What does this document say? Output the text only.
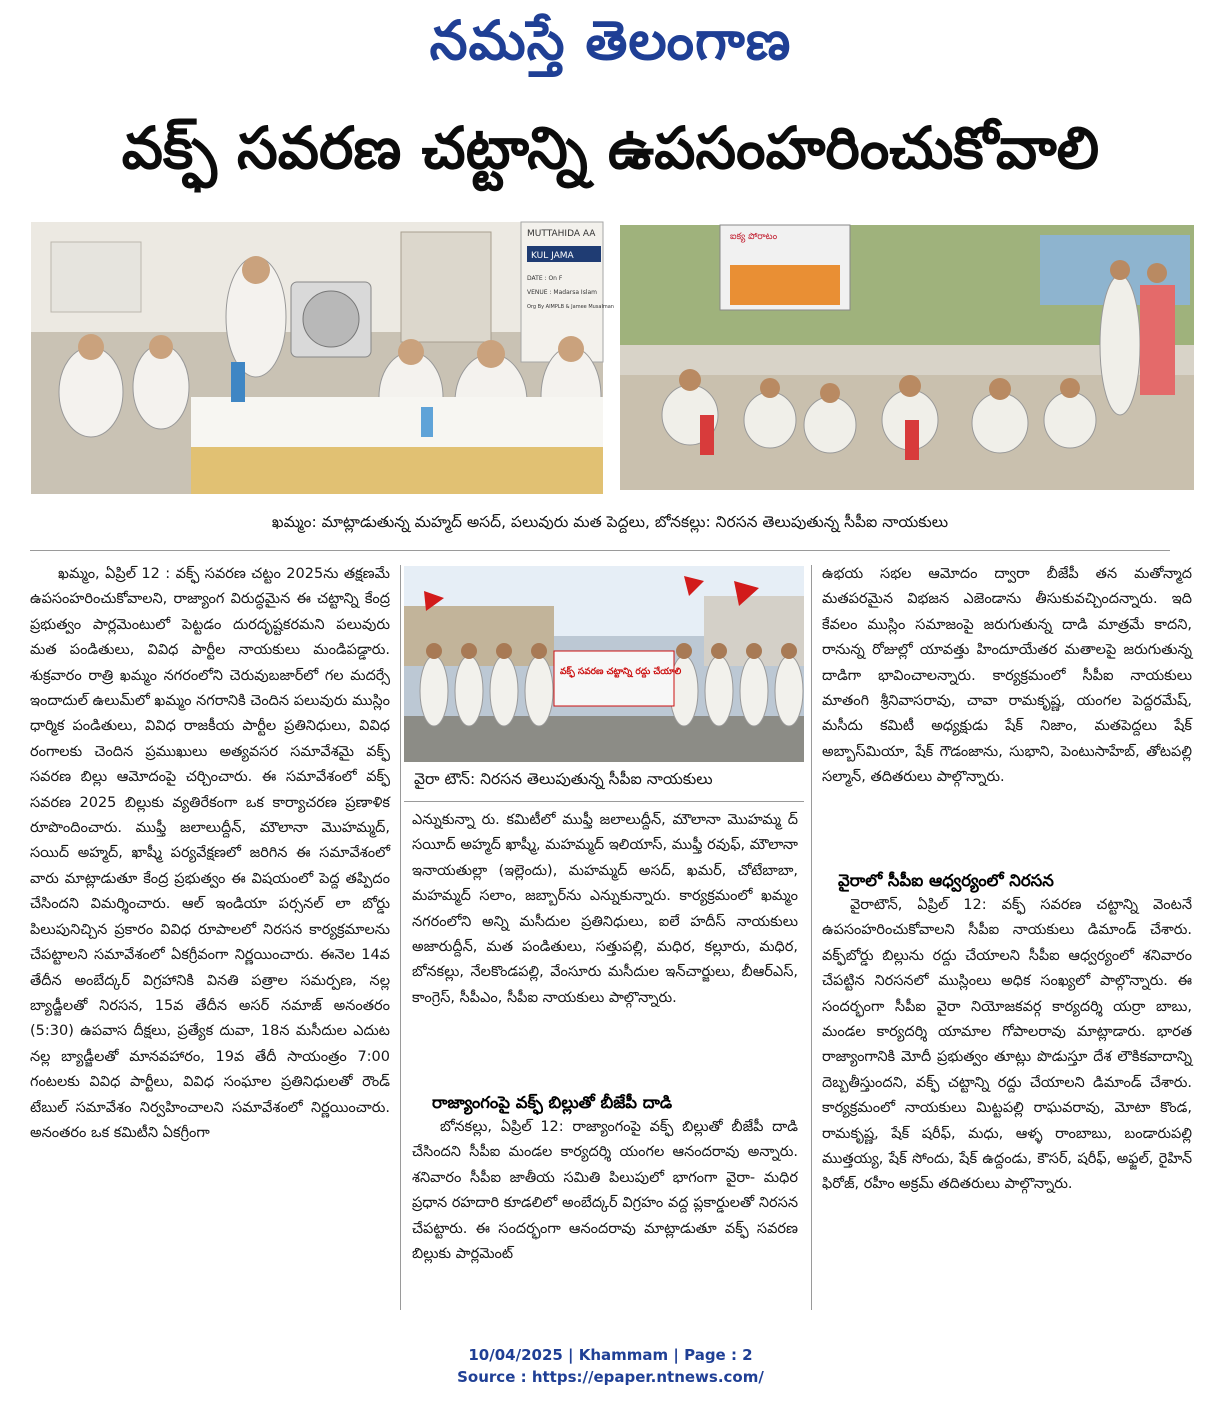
నమస్తే తెలంగాణ
వక్ఫ్ సవరణ చట్టాన్ని ఉపసంహరించుకోవాలి
MUTTAHIDA AA
KUL JAMA
DATE : On F
VENUE : Madarsa Islam
Org By AIMPLB & Jamee Musalman
ఐక్య పోరాటం
ఖమ్మం: మాట్లాడుతున్న మహ్మద్ అసద్, పలువురు మత పెద్దలు, బోనకల్లు: నిరసన తెలుపుతున్న సీపీఐ నాయకులు

ఖమ్మం, ఏప్రిల్ 12 : వక్ఫ్ సవరణ చట్టం 2025ను తక్షణమే ఉపసంహరించుకోవాలని, రాజ్యాంగ విరుద్ధమైన ఈ చట్టాన్ని కేంద్ర ప్రభుత్వం పార్లమెంటులో పెట్టడం దురదృష్టకరమని పలువురు మత పండితులు, వివిధ పార్టీల నాయకులు మండిపడ్డారు. శుక్రవారం రాత్రి ఖమ్మం నగరంలోని చెరువుబజార్‌లో గల మదర్సే ఇందాదుల్ ఉలుమ్‌లో ఖమ్మం నగరానికి చెందిన పలువురు ముస్లిం ధార్మిక పండితులు, వివిధ రాజకీయ పార్టీల ప్రతినిధులు, వివిధ రంగాలకు చెందిన ప్రముఖులు అత్యవసర సమావేశమై వక్ఫ్ సవరణ బిల్లు ఆమోదంపై చర్చించారు. ఈ సమావేశంలో వక్ఫ్ సవరణ 2025 బిల్లుకు వ్యతిరేకంగా ఒక కార్యాచరణ ప్రణాళిక రూపొందించారు. ముఫ్తీ జలాలుద్దీన్, మౌలానా మొహమ్మద్, సయిద్ అహ్మద్, ఖాష్మీ పర్యవేక్షణలో జరిగిన ఈ సమావేశంలో వారు మాట్లాడుతూ కేంద్ర ప్రభుత్వం ఈ విషయంలో పెద్ద తప్పిదం చేసిందని విమర్శించారు. ఆల్ ఇండియా పర్సనల్ లా బోర్డు పిలుపునిచ్చిన ప్రకారం వివిధ రూపాలలో నిరసన కార్యక్రమాలను చేపట్టాలని సమావేశంలో ఏకగ్రీవంగా నిర్ణయించారు. ఈనెల 14వ తేదీన అంబేద్కర్ విగ్రహానికి వినతి పత్రాల సమర్పణ, నల్ల బ్యాడ్జీలతో నిరసన, 15వ తేదీన అసర్ నమాజ్ అనంతరం (5:30) ఉపవాస దీక్షలు, ప్రత్యేక దువా, 18న మసీదుల ఎదుట నల్ల బ్యాడ్జీలతో మానవహారం, 19వ తేదీ సాయంత్రం 7:00 గంటలకు వివిధ పార్టీలు, వివిధ సంఘాల ప్రతినిధులతో రౌండ్ టేబుల్ సమావేశం నిర్వహించాలని సమావేశంలో నిర్ణయించారు. అనంతరం ఒక కమిటీని ఏకగ్రీంగా

వక్ఫ్ సవరణ చట్టాన్ని రద్దు చేయాలి
వైరా టౌన్: నిరసన తెలుపుతున్న సీపీఐ నాయకులు

ఎన్నుకున్నా రు. కమిటీలో ముఫ్తీ జలాలుద్దీన్, మౌలానా మొహమ్మ ద్ సయీద్ అహ్మద్ ఖాష్మీ, మహమ్మద్ ఇలియాస్, ముఫ్తీ రవుఫ్, మౌలానా ఇనాయతుల్లా (ఇల్లెందు), మహమ్మద్ అసద్, ఖమర్, చోటేబాబా, మహమ్మద్ సలాం, జబ్బార్‌ను ఎన్నుకున్నారు. కార్యక్రమంలో ఖమ్మం నగరంలోని అన్ని మసీదుల ప్రతినిధులు, ఐలే హదీస్ నాయకులు అజారుద్దీన్, మత పండితులు, సత్తుపల్లి, మధిర, కల్లూరు, మధిర, బోనకల్లు, నేలకొండపల్లి, వేంసూరు మసీదుల ఇన్‌చార్జులు, బీఆర్‌ఎస్, కాంగ్రెస్, సీపీఎం, సీపీఐ నాయకులు పాల్గొన్నారు.

రాజ్యాంగంపై వక్ఫ్ బిల్లుతో బీజేపీ దాడి

బోనకల్లు, ఏప్రిల్ 12: రాజ్యాంగంపై వక్ఫ్ బిల్లుతో బీజేపీ దాడి చేసిందని సీపీఐ మండల కార్యదర్శి యంగల ఆనందరావు అన్నారు. శనివారం సీపీఐ జాతీయ సమితి పిలుపులో భాగంగా వైరా- మధిర ప్రధాన రహదారి కూడలిలో అంబేద్కర్ విగ్రహం వద్ద ప్లకార్డులతో నిరసన చేపట్టారు. ఈ సందర్భంగా ఆనందరావు మాట్లాడుతూ వక్ఫ్ సవరణ బిల్లుకు పార్లమెంట్

ఉభయ సభల ఆమోదం ద్వారా బీజేపీ తన మతోన్మాద మతపరమైన విభజన ఎజెండాను తీసుకువచ్చిందన్నారు. ఇది కేవలం ముస్లిం సమాజంపై జరుగుతున్న దాడి మాత్రమే కాదని, రానున్న రోజుల్లో యావత్తు హిందూయేతర మతాలపై జరుగుతున్న దాడిగా భావించాలన్నారు. కార్యక్రమంలో సీపీఐ నాయకులు మాతంగి శ్రీనివాసరావు, చావా రామకృష్ణ, యంగల పెద్దరమేష్, మసీదు కమిటీ అధ్యక్షుడు షేక్ నిజాం, మతపెద్దలు షేక్ అబ్బాస్‌మియా, షేక్ గౌడంజాను, సుభాని, పెంటుసాహేబ్, తోటపల్లి సల్మాన్, తదితరులు పాల్గొన్నారు.

వైరాలో సీపీఐ ఆధ్వర్యంలో నిరసన

వైరాటౌన్, ఏప్రిల్ 12: వక్ఫ్ సవరణ చట్టాన్ని వెంటనే ఉపసంహరించుకోవాలని సీపీఐ నాయకులు డిమాండ్ చేశారు. వక్ఫ్‌బోర్డు బిల్లును రద్దు చేయాలని సీపీఐ ఆధ్వర్యంలో శనివారం చేపట్టిన నిరసనలో ముస్లింలు అధిక సంఖ్యలో పాల్గొన్నారు. ఈ సందర్భంగా సీపీఐ వైరా నియోజకవర్గ కార్యదర్శి యర్రా బాబు, మండల కార్యదర్శి యామాల గోపాలరావు మాట్లాడారు. భారత రాజ్యాంగానికి మోదీ ప్రభుత్వం తూట్లు పొడుస్తూ దేశ లౌకికవాదాన్ని దెబ్బతీస్తుందని, వక్ఫ్ చట్టాన్ని రద్దు చేయాలని డిమాండ్ చేశారు. కార్యక్రమంలో నాయకులు మిట్టపల్లి రాఘవరావు, మోటా కొండ, రామకృష్ణ, షేక్ షరీఫ్, మధు, ఆళ్ళ రాంబాబు, బండారుపల్లి ముత్తయ్య, షేక్ సోందు, షేక్ ఉద్దండు, కౌసర్, షరీఫ్, అఫ్జల్, రైహిన్ ఫిరోజ్, రహీం అక్రమ్ తదితరులు పాల్గొన్నారు.

10/04/2025 | Khammam | Page : 2
Source : https://epaper.ntnews.com/
